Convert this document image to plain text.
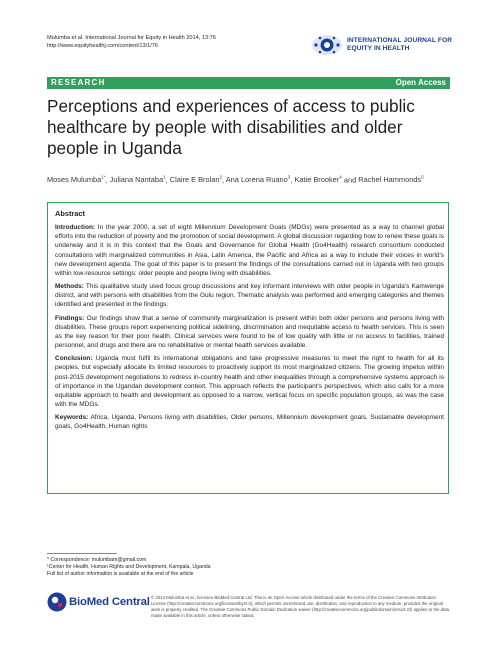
Mulumba et al. International Journal for Equity in Health 2014, 13:76
http://www.equityhealthj.com/content/13/1/76
INTERNATIONAL JOURNAL FOR
EQUITY IN HEALTH
RESEARCH	Open Access
Perceptions and experiences of access to public healthcare by people with disabilities and older people in Uganda
Moses Mulumba$^{1*}$, Juliana Nantaba$^1$, Claire E Brolan$^2$, Ana Lorena Ruano$^3$, Katie Brooker$^4$ and Rachel Hammonds$^5$
Abstract

Introduction: In the year 2000, a set of eight Millennium Development Goals (MDGs) were presented as a way to channel global efforts into the reduction of poverty and the promotion of social development. A global discussion regarding how to renew these goals is underway and it is in this context that the Goals and Governance for Global Health (Go4Health) research consortium conducted consultations with marginalized communities in Asia, Latin America, the Pacific and Africa as a way to include their voices in world's new development agenda. The goal of this paper is to present the findings of the consultations carried out in Uganda with two groups within low-resource settings: older people and people living with disabilities.

Methods: This qualitative study used focus group discussions and key informant interviews with older people in Uganda's Kamwenge district, and with persons with disabilities from the Gulu region. Thematic analysis was performed and emerging categories and themes identified and presented in the findings.

Findings: Our findings show that a sense of community marginalization is present within both older persons and persons living with disabilities. These groups report experiencing political sidelining, discrimination and inequitable access to health services. This is seen as the key reason for their poor health. Clinical services were found to be of low quality with little or no access to facilities, trained personnel, and drugs and there are no rehabilitative or mental health services available.

Conclusion: Uganda must fulfil its international obligations and take progressive measures to meet the right to health for all its peoples, but especially allocate its limited resources to proactively support its most marginalized citizens. The growing impetus within post-2015 development negotiations to redress in-country health and other inequalities through a comprehensive systems approach is of importance in the Ugandan development context. This approach reflects the participant's perspectives, which also calls for a more equitable approach to health and development as opposed to a narrow, vertical focus on specific population groups, as was the case with the MDGs.

Keywords: Africa, Uganda, Persons living with disabilities, Older persons, Millennium development goals, Sustainable development goals, Go4Health, Human rights

* Correspondence: mulumbam@gmail.com
¹Center for Health, Human Rights and Development, Kampala, Uganda
Full list of author information is available at the end of the article
BioMed Central © 2014 Mulumba et al.; licensee BioMed Central Ltd. This is an Open Access article distributed under the terms of the Creative Commons Attribution License (http://creativecommons.org/licenses/by/4.0), which permits unrestricted use, distribution, and reproduction in any medium, provided the original work is properly credited. The Creative Commons Public Domain Dedication waiver (http://creativecommons.org/publicdomain/zero/1.0/) applies to the data made available in this article, unless otherwise stated.
